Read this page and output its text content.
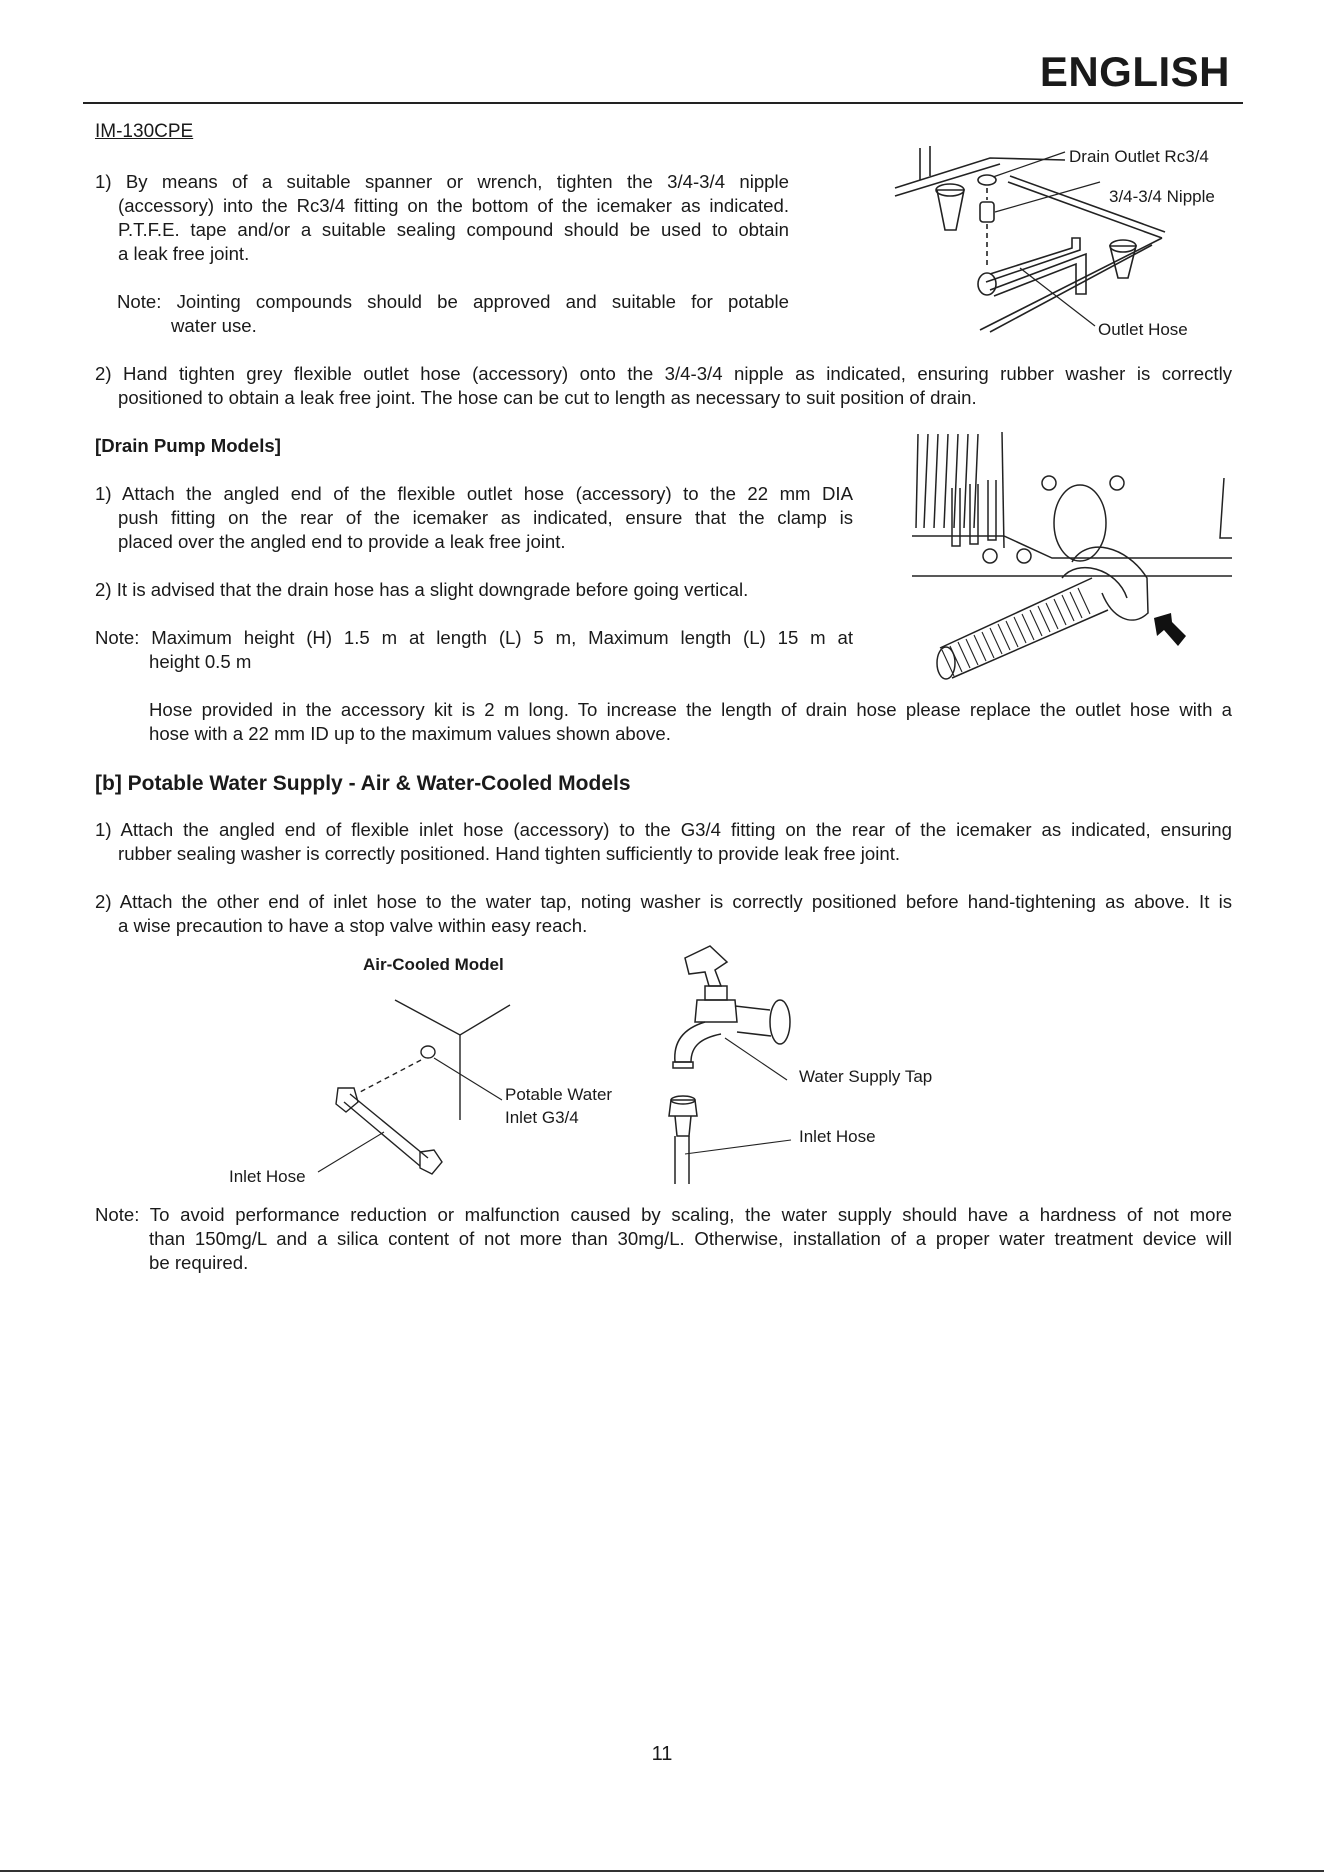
ENGLISH
IM-130CPE
1) By means of a suitable spanner or wrench, tighten the 3/4-3/4 nipple
(accessory) into the Rc3/4 fitting on the bottom of the icemaker as indicated.
P.T.F.E. tape and/or a suitable sealing compound should be used to obtain
a leak free joint.
Note: Jointing compounds should be approved and suitable for potable
water use.
Drain Outlet Rc3/4
3/4-3/4 Nipple
Outlet Hose
2) Hand tighten grey flexible outlet hose (accessory) onto the 3/4-3/4 nipple as indicated, ensuring rubber washer is correctly
positioned to obtain a leak free joint. The hose can be cut to length as necessary to suit position of drain.
[Drain Pump Models]
1) Attach the angled end of the flexible outlet hose (accessory) to the 22 mm DIA
push fitting on the rear of the icemaker as indicated, ensure that the clamp is
placed over the angled end to provide a leak free joint.
2) It is advised that the drain hose has a slight downgrade before going vertical.
Note: Maximum height (H) 1.5 m at length (L) 5 m, Maximum length (L) 15 m at
height 0.5 m
Hose provided in the accessory kit is 2 m long. To increase the length of drain hose please replace the outlet hose with a
hose with a 22 mm ID up to the maximum values shown above.
[b] Potable Water Supply - Air & Water-Cooled Models
1) Attach the angled end of flexible inlet hose (accessory) to the G3/4 fitting on the rear of the icemaker as indicated, ensuring
rubber sealing washer is correctly positioned. Hand tighten sufficiently to provide leak free joint.
2) Attach the other end of inlet hose to the water tap, noting washer is correctly positioned before hand-tightening as above. It is
a wise precaution to have a stop valve within easy reach.
Air-Cooled Model
Potable Water
Inlet G3/4
Inlet Hose
Water Supply Tap
Inlet Hose
Note: To avoid performance reduction or malfunction caused by scaling, the water supply should have a hardness of not more
than 150mg/L and a silica content of not more than 30mg/L. Otherwise, installation of a proper water treatment device will
be required.
11
